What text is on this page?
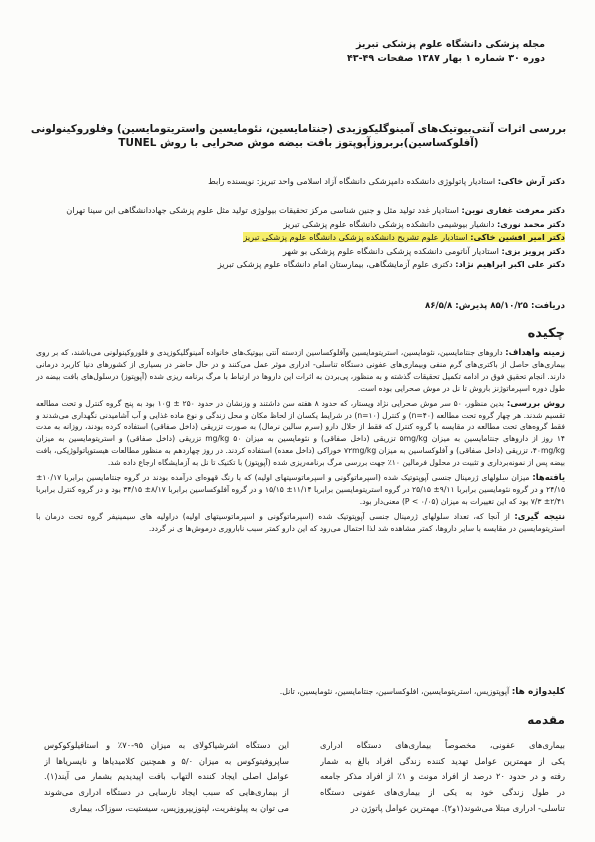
مجله پزشکی دانشگاه علوم پزشکی تبریز
دوره ۳۰ شماره ۱ بهار ۱۳۸۷ صفحات ۴۹-۴۳
بررسی اثرات آنتی‌بیوتیک‌های آمینوگلیکوزیدی (جنتامایسین، نئومایسین واستریتومایسین) وفلوروکینولونی
(آفلوکساسین)بربروزآپوپتوز بافت بیضه موش صحرایی با روش TUNEL
دکتر آرش خاکی: استادیار پاتولوژی دانشکده دامپزشکی دانشگاه آزاد اسلامی واحد تبریز: نویسنده رابط
دکتر معرفت غفاری نوین: استادیار غدد تولید مثل و جنین شناسی مرکز تحقیقات بیولوژی تولید مثل علوم پزشکی جهاددانشگاهی ابن سینا تهران
دکتر محمد نوری: دانشیار بیوشیمی دانشکده پزشکی دانشگاه علوم پزشکی تبریز
دکتر امیر افشین خاکی: استادیار علوم تشریح دانشکده پزشکی دانشگاه علوم پزشکی تبریز
دکتر پرویز بزی: استادیار آناتومی دانشکده پزشکی دانشگاه علوم پزشکی بو شهر
دکتر علی اکبر ابراهیم نژاد: دکتری علوم آزمایشگاهی، بیمارستان امام دانشگاه علوم پزشکی تبریز
دریافت: ۸۵/۱۰/۲۵ پذیرش: ۸۶/۵/۸
چکیده

زمینه واهداف: داروهای جنتامایسین، نئومایسین، استریتومایسین وآفلوکساسین ازدسته آنتی بیوتیک‌های خانواده آمینوگلیکوزیدی و فلوروکینولونی می‌باشند، که بر روی بیماری‌های حاصل از باکتری‌های گرم منفی وبیماری‌های عفونی دستگاه تناسلی- ادراری موثر عمل می‌کنند و در حال حاضر در بسیاری از کشورهای دنیا کاربرد درمانی دارند. انجام تحقیق فوق در ادامه تکمیل تحقیقات گذشته و به منظور، پی‌بردن به اثرات این داروها در ارتباط با مرگ برنامه ریزی شده (آپوپتوز) درسلول‌های بافت بیضه در طول دوره اسپرماتوژنز باروش تا نل در موش صحرایی بوده است.

روش بررسی: بدین منظور، ۵۰ سر موش صحرایی نژاد ویستار، که حدود ۸ هفته سن داشتند و وزنشان در حدود ۱۰g ± ۲۵۰ بود به پنج گروه کنترل و تحت مطالعه تقسیم شدند. هر چهار گروه تحت مطالعه (n=۴۰) و کنترل (n=۱۰) در شرایط یکسان از لحاظ مکان و محل زندگی و نوع ماده غذایی و آب آشامیدنی نگهداری می‌شدند و فقط گروه‌های تحت مطالعه در مقایسه با گروه کنترل که فقط از حلال دارو (سرم سالین نرمال) به صورت تزریقی (داخل صفاقی) استفاده کرده بودند، روزانه به مدت ۱۴ روز از داروهای جنتامایسین به میزان ۵mg/kg تزریقی (داخل صفاقی) و نئومایسین به میزان ۵۰ mg/kg تزریقی (داخل صفاقی) و استریتومایسین به میزان ۴۰mg/kg، تزریقی (داخل صفاقی) و آفلوکساسین به میزان ۷۲mg/kg خوراکی (داخل معده) استفاده کردند. در روز چهاردهم به منظور مطالعات هیستوپاتولوژیکی، بافت بیضه پس از نمونه‌برداری و تثبیت در محلول فرمالین ۱۰٪ جهت بررسی مرگ برنامه‌ریزی شده (آپوپتوز) با تکنیک تا نل به آزمایشگاه ارجاع داده شد.

یافته‌ها: میزان سلولهای ژرمینال جنسی آپوپتوتیک شده (اسپرماتوگونی و اسپرماتوسیتهای اولیه) که با رنگ قهوه‌ای درآمده بودند در گروه جنتامایسین برابربا ۱۰/۱۷± ۲۴/۱۵ و در گروه نئومایسین برابربا ۹/۱۱± ۲۵/۱۵ در گروه استریتومایسین برابربا ۱۱/۱۴± ۱۵/۱۵ و در گروه آفلوکساسین برابربا ۸/۱۷± ۳۴/۱۵ بود و در گروه کنترل برابربا ۲/۴۱± ۷/۳ بود که این تغییرات به میزان (P < ۰/۰۵) معنی‌دار بود.

نتیجه گیری: از آنجا که، تعداد سلولهای ژرمینال جنسی آپوپتوتیک شده (اسپرماتوگونی و اسپرماتوسیتهای اولیه) دراولیه های سیمینیفر گروه تحت درمان با استریتومایسین در مقایسه با سایر داروها، کمتر مشاهده شد لذا احتمال می‌رود که این دارو کمتر سبب ناباروری درموش‌ها ی نر گردد.

کلیدواژه ها: آپوپتوزیس، استریتومایسین، افلوکساسین، جنتامایسین، نئومایسین، تانل.
مقدمه
بیماری‌های عفونی، مخصوصاً بیماری‌های دستگاه ادراری
یکی از مهمترین عوامل تهدید کننده زندگی افراد بالغ به شمار
رفته و در حدود ۲۰ درصد از افراد مونث و ۱٪ از افراد مذکر جامعه
در طول زندگی خود به یکی از بیماری‌های عفونی دستگاه
تناسلی- ادراری مبتلا می‌شوند(۱و۲). مهمترین عوامل پاتوژن در
این دستگاه اشرشیاکولای به میزان ۹۵-۷۰٪ و استافیلوکوکوس
ساپروفیتوکوس به میزان ۵/۰ و همچنین کلامیدیاها و نایسریاها از
عوامل اصلی ایجاد کننده التهاب بافت اپیدیدیم بشمار می آیند(۱).
از بیماری‌هایی که سبب ایجاد نارسایی در دستگاه ادراری می‌شوند
می توان به پیلونفریت، لپتوزیپروزیس، سیستیت، سوزاک، بیماری
